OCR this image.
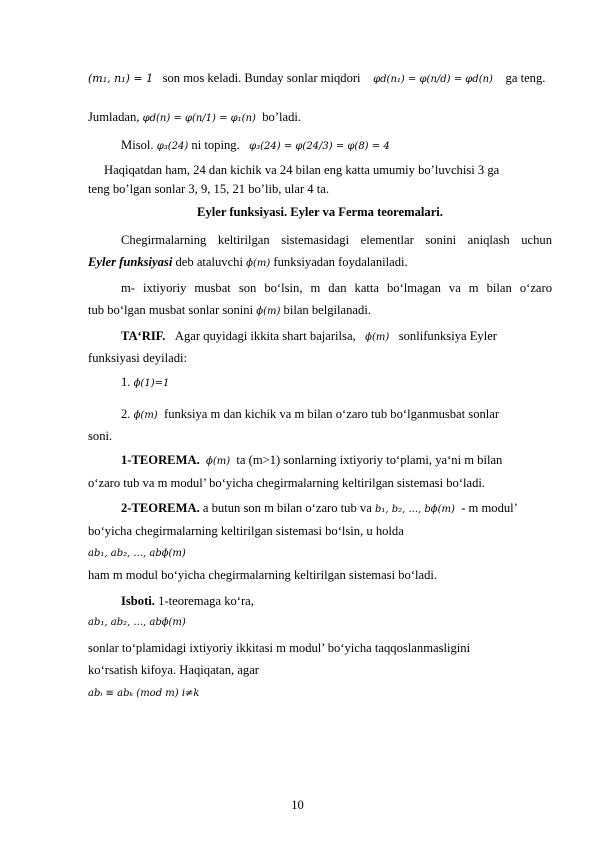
(m₁, n₁) = 1 son mos keladi. Bunday sonlar miqdori φd(n₁) = φ(n/d) = φd(n) ga teng.
Jumladan, φd(n) = φ(n/1) = φ₁(n) bo’ladi.
Misol. φ₃(24) ni toping. φ₃(24) = φ(24/3) = φ(8) = 4
Haqiqatdan ham, 24 dan kichik va 24 bilan eng katta umumiy bo’luvchisi 3 ga
teng bo’lgan sonlar 3, 9, 15, 21 bo’lib, ular 4 ta.
Eyler funksiyasi. Eyler va Ferma teoremalari.
Chegirmalarning keltirilgan sistemasidagi elementlar sonini aniqlash uchun
Eyler funksiyasi deb ataluvchi ϕ(m) funksiyadan foydalaniladi.
m- ixtiyoriy musbat son bo‘lsin, m dan katta bo‘lmagan va m bilan o‘zaro
tub bo‘lgan musbat sonlar sonini ϕ(m) bilan belgilanadi.
TA‘RIF. Agar quyidagi ikkita shart bajarilsa, ϕ(m) sonlifunksiya Eyler
funksiyasi deyiladi:
1. ϕ(1)=1
2. ϕ(m) funksiya m dan kichik va m bilan o‘zaro tub bo‘lganmusbat sonlar
soni.
1-TEOREMA. ϕ(m) ta (m>1) sonlarning ixtiyoriy to‘plami, ya‘ni m bilan
o‘zaro tub va m modul’ bo‘yicha chegirmalarning keltirilgan sistemasi bo‘ladi.
2-TEOREMA. a butun son m bilan o‘zaro tub va b₁, b₂, ..., bϕ(m) - m modul’
bo‘yicha chegirmalarning keltirilgan sistemasi bo‘lsin, u holda
ab₁, ab₂, ..., abϕ(m)
ham m modul bo‘yicha chegirmalarning keltirilgan sistemasi bo‘ladi.
Isboti. 1-teoremaga ko‘ra,
ab₁, ab₂, ..., abϕ(m)
sonlar to‘plamidagi ixtiyoriy ikkitasi m modul’ bo‘yicha taqqoslanmasligini
ko‘rsatish kifoya. Haqiqatan, agar
abᵢ ≡ abₖ (mod m) i≠k
10
